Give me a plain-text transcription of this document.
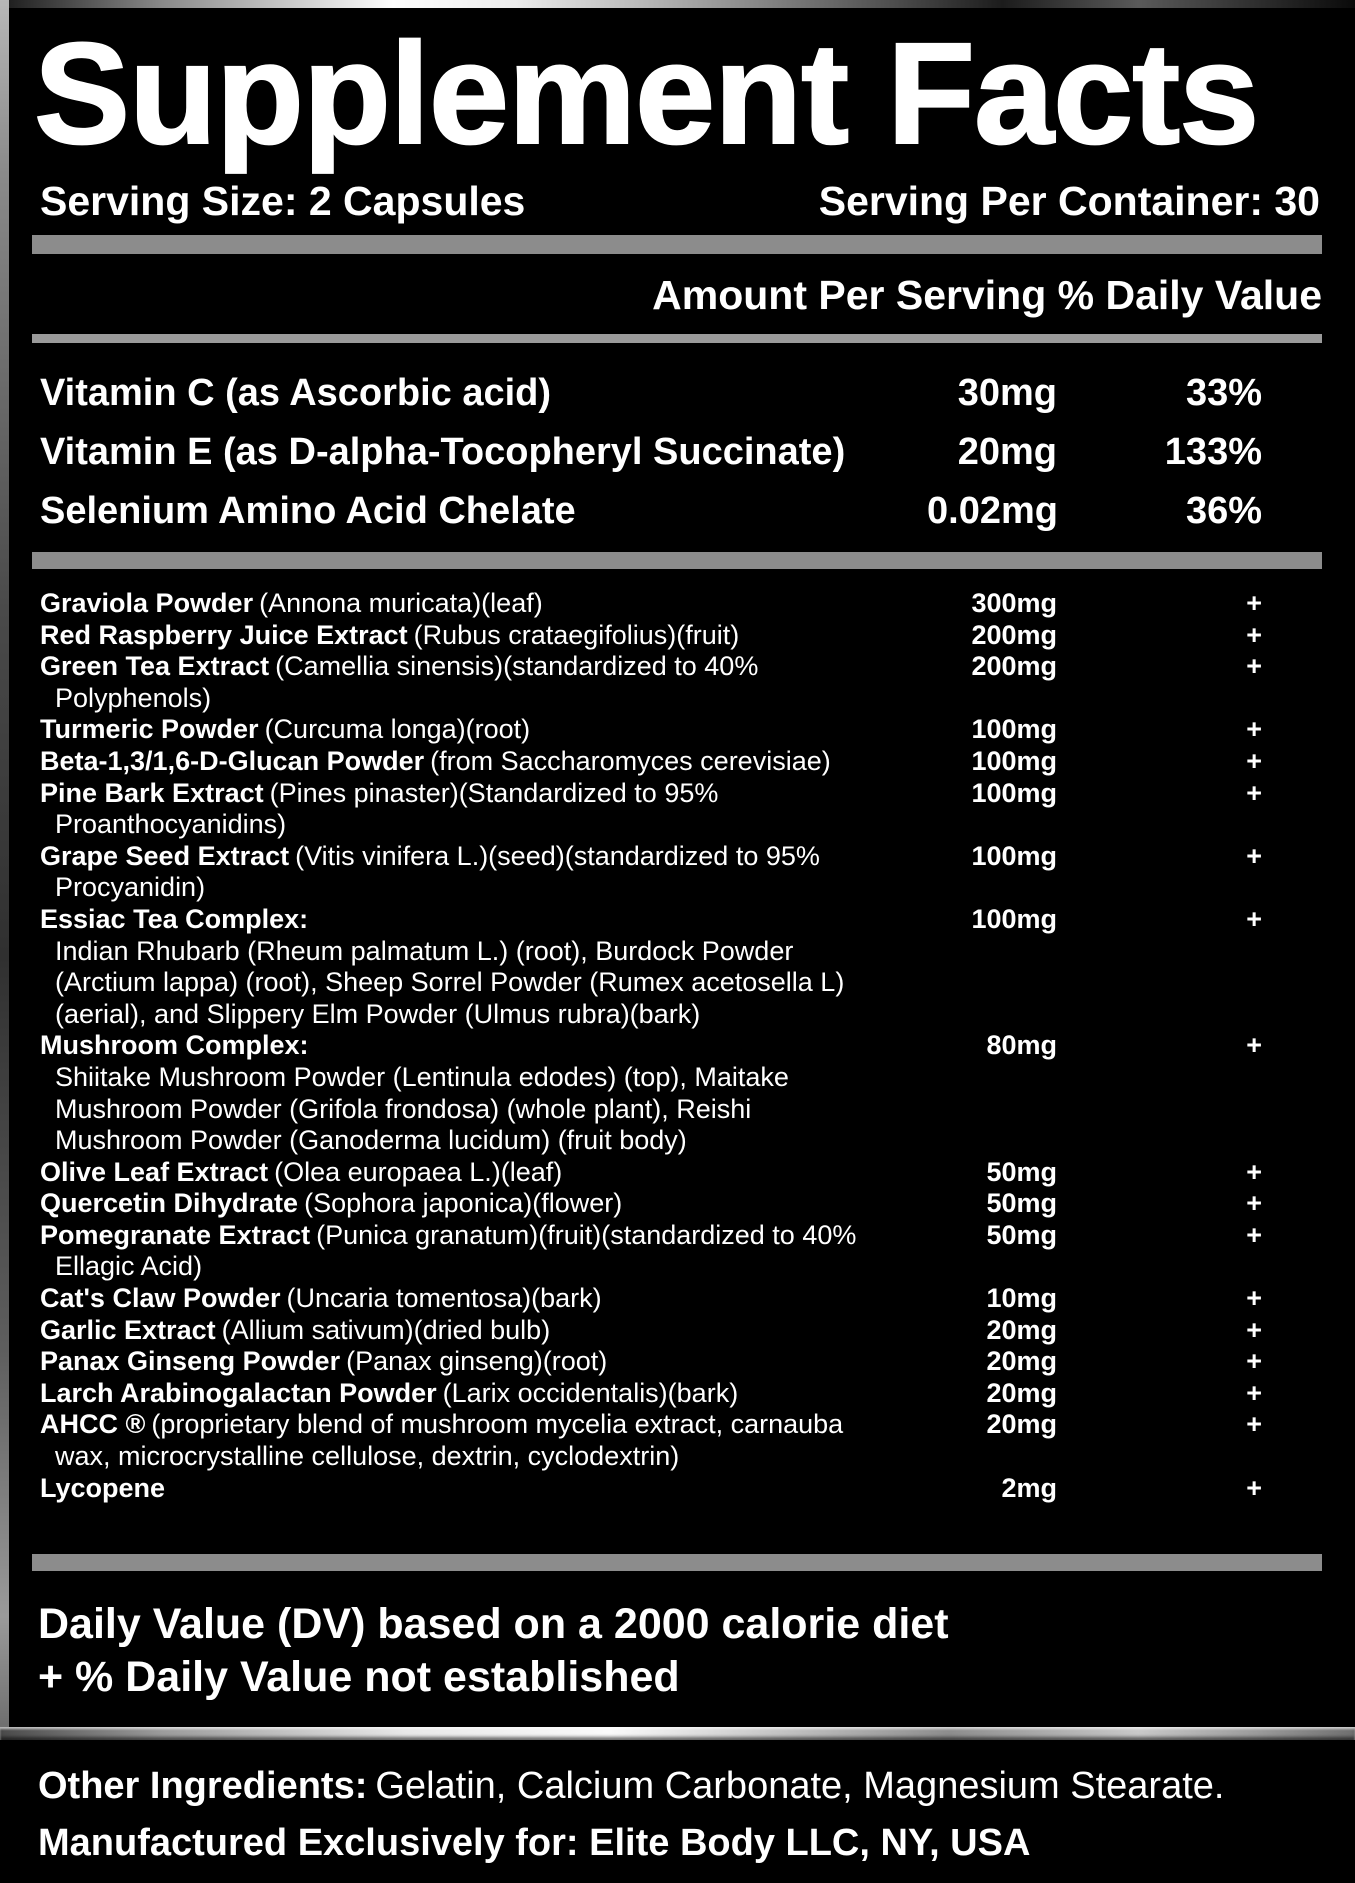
Supplement Facts
Serving Size: 2 Capsules	Serving Per Container: 30
Amount Per Serving % Daily Value
Vitamin C (as Ascorbic acid)	30mg	33%
Vitamin E (as D-alpha-Tocopheryl Succinate)	20mg	133%
Selenium Amino Acid Chelate	0.02mg	36%
Graviola Powder (Annona muricata)(leaf)	300mg	+
Red Raspberry Juice Extract (Rubus crataegifolius)(fruit)	200mg	+
Green Tea Extract (Camellia sinensis)(standardized to 40%
Polyphenols)
200mg	+
Turmeric Powder (Curcuma longa)(root)	100mg	+
Beta-1,3/1,6-D-Glucan Powder (from Saccharomyces cerevisiae)	100mg	+
Pine Bark Extract (Pines pinaster)(Standardized to 95%
Proanthocyanidins)
100mg	+
Grape Seed Extract (Vitis vinifera L.)(seed)(standardized to 95%
Procyanidin)
100mg	+
Essiac Tea Complex:
Indian Rhubarb (Rheum palmatum L.) (root), Burdock Powder
(Arctium lappa) (root), Sheep Sorrel Powder (Rumex acetosella L)
(aerial), and Slippery Elm Powder (Ulmus rubra)(bark)
100mg	+
Mushroom Complex:
Shiitake Mushroom Powder (Lentinula edodes) (top), Maitake
Mushroom Powder (Grifola frondosa) (whole plant), Reishi
Mushroom Powder (Ganoderma lucidum) (fruit body)
80mg	+
Olive Leaf Extract (Olea europaea L.)(leaf)	50mg	+
Quercetin Dihydrate (Sophora japonica)(flower)	50mg	+
Pomegranate Extract (Punica granatum)(fruit)(standardized to 40%
Ellagic Acid)
50mg	+
Cat's Claw Powder (Uncaria tomentosa)(bark)	10mg	+
Garlic Extract (Allium sativum)(dried bulb)	20mg	+
Panax Ginseng Powder (Panax ginseng)(root)	20mg	+
Larch Arabinogalactan Powder (Larix occidentalis)(bark)	20mg	+
AHCC ® (proprietary blend of mushroom mycelia extract, carnauba
wax, microcrystalline cellulose, dextrin, cyclodextrin)
20mg	+
Lycopene	2mg	+
Daily Value (DV) based on a 2000 calorie diet
+ % Daily Value not established
Other Ingredients: Gelatin, Calcium Carbonate, Magnesium Stearate.
Manufactured Exclusively for: Elite Body LLC, NY, USA
